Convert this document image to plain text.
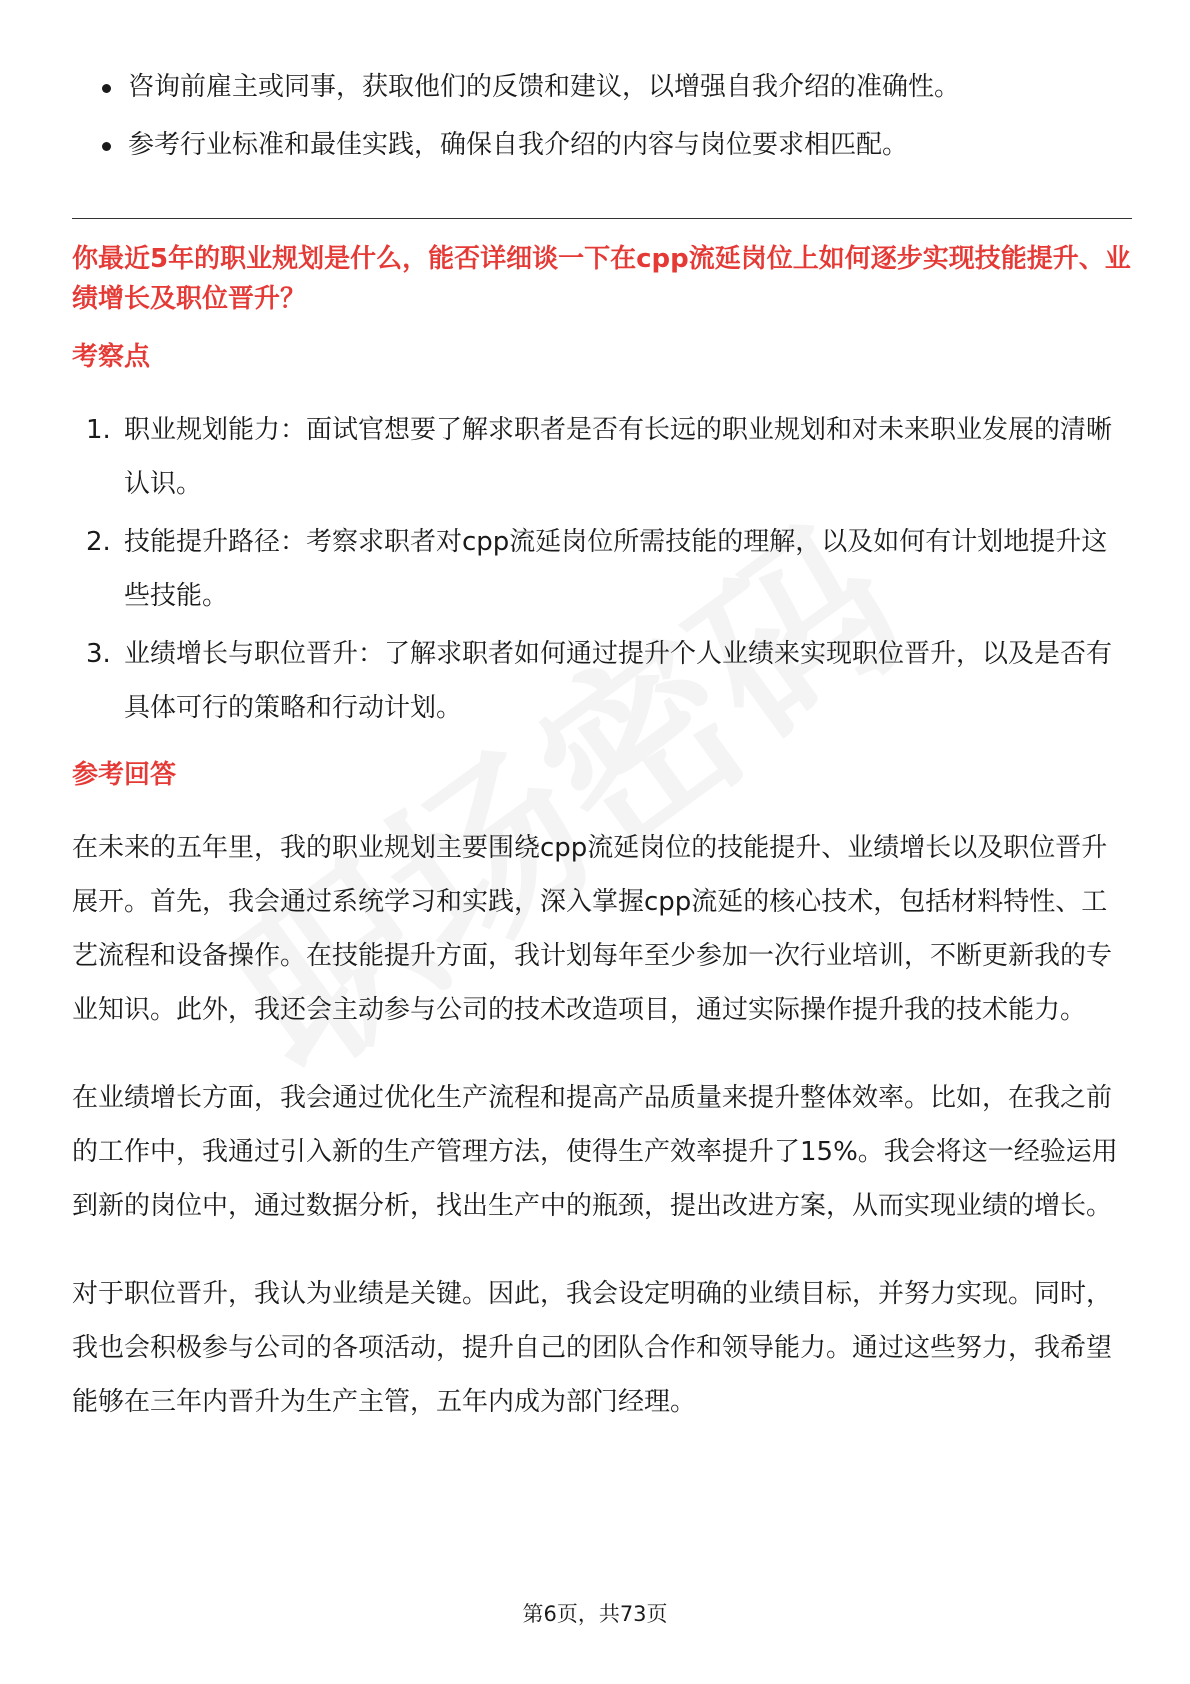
咨询前雇主或同事，获取他们的反馈和建议，以增强自我介绍的准确性。
参考行业标准和最佳实践，确保自我介绍的内容与岗位要求相匹配。
你最近5年的职业规划是什么，能否详细谈一下在cpp流延岗位上如何逐步实现技能提升、业绩增长及职位晋升？
考察点
1. 职业规划能力：面试官想要了解求职者是否有长远的职业规划和对未来职业发展的清晰认识。
2. 技能提升路径：考察求职者对cpp流延岗位所需技能的理解，以及如何有计划地提升这些技能。
3. 业绩增长与职位晋升：了解求职者如何通过提升个人业绩来实现职位晋升，以及是否有具体可行的策略和行动计划。
参考回答

在未来的五年里，我的职业规划主要围绕cpp流延岗位的技能提升、业绩增长以及职位晋升展开。首先，我会通过系统学习和实践，深入掌握cpp流延的核心技术，包括材料特性、工艺流程和设备操作。在技能提升方面，我计划每年至少参加一次行业培训，不断更新我的专业知识。此外，我还会主动参与公司的技术改造项目，通过实际操作提升我的技术能力。

在业绩增长方面，我会通过优化生产流程和提高产品质量来提升整体效率。比如，在我之前的工作中，我通过引入新的生产管理方法，使得生产效率提升了15%。我会将这一经验运用到新的岗位中，通过数据分析，找出生产中的瓶颈，提出改进方案，从而实现业绩的增长。

对于职位晋升，我认为业绩是关键。因此，我会设定明确的业绩目标，并努力实现。同时，我也会积极参与公司的各项活动，提升自己的团队合作和领导能力。通过这些努力，我希望能够在三年内晋升为生产主管，五年内成为部门经理。

第6页，共73页
